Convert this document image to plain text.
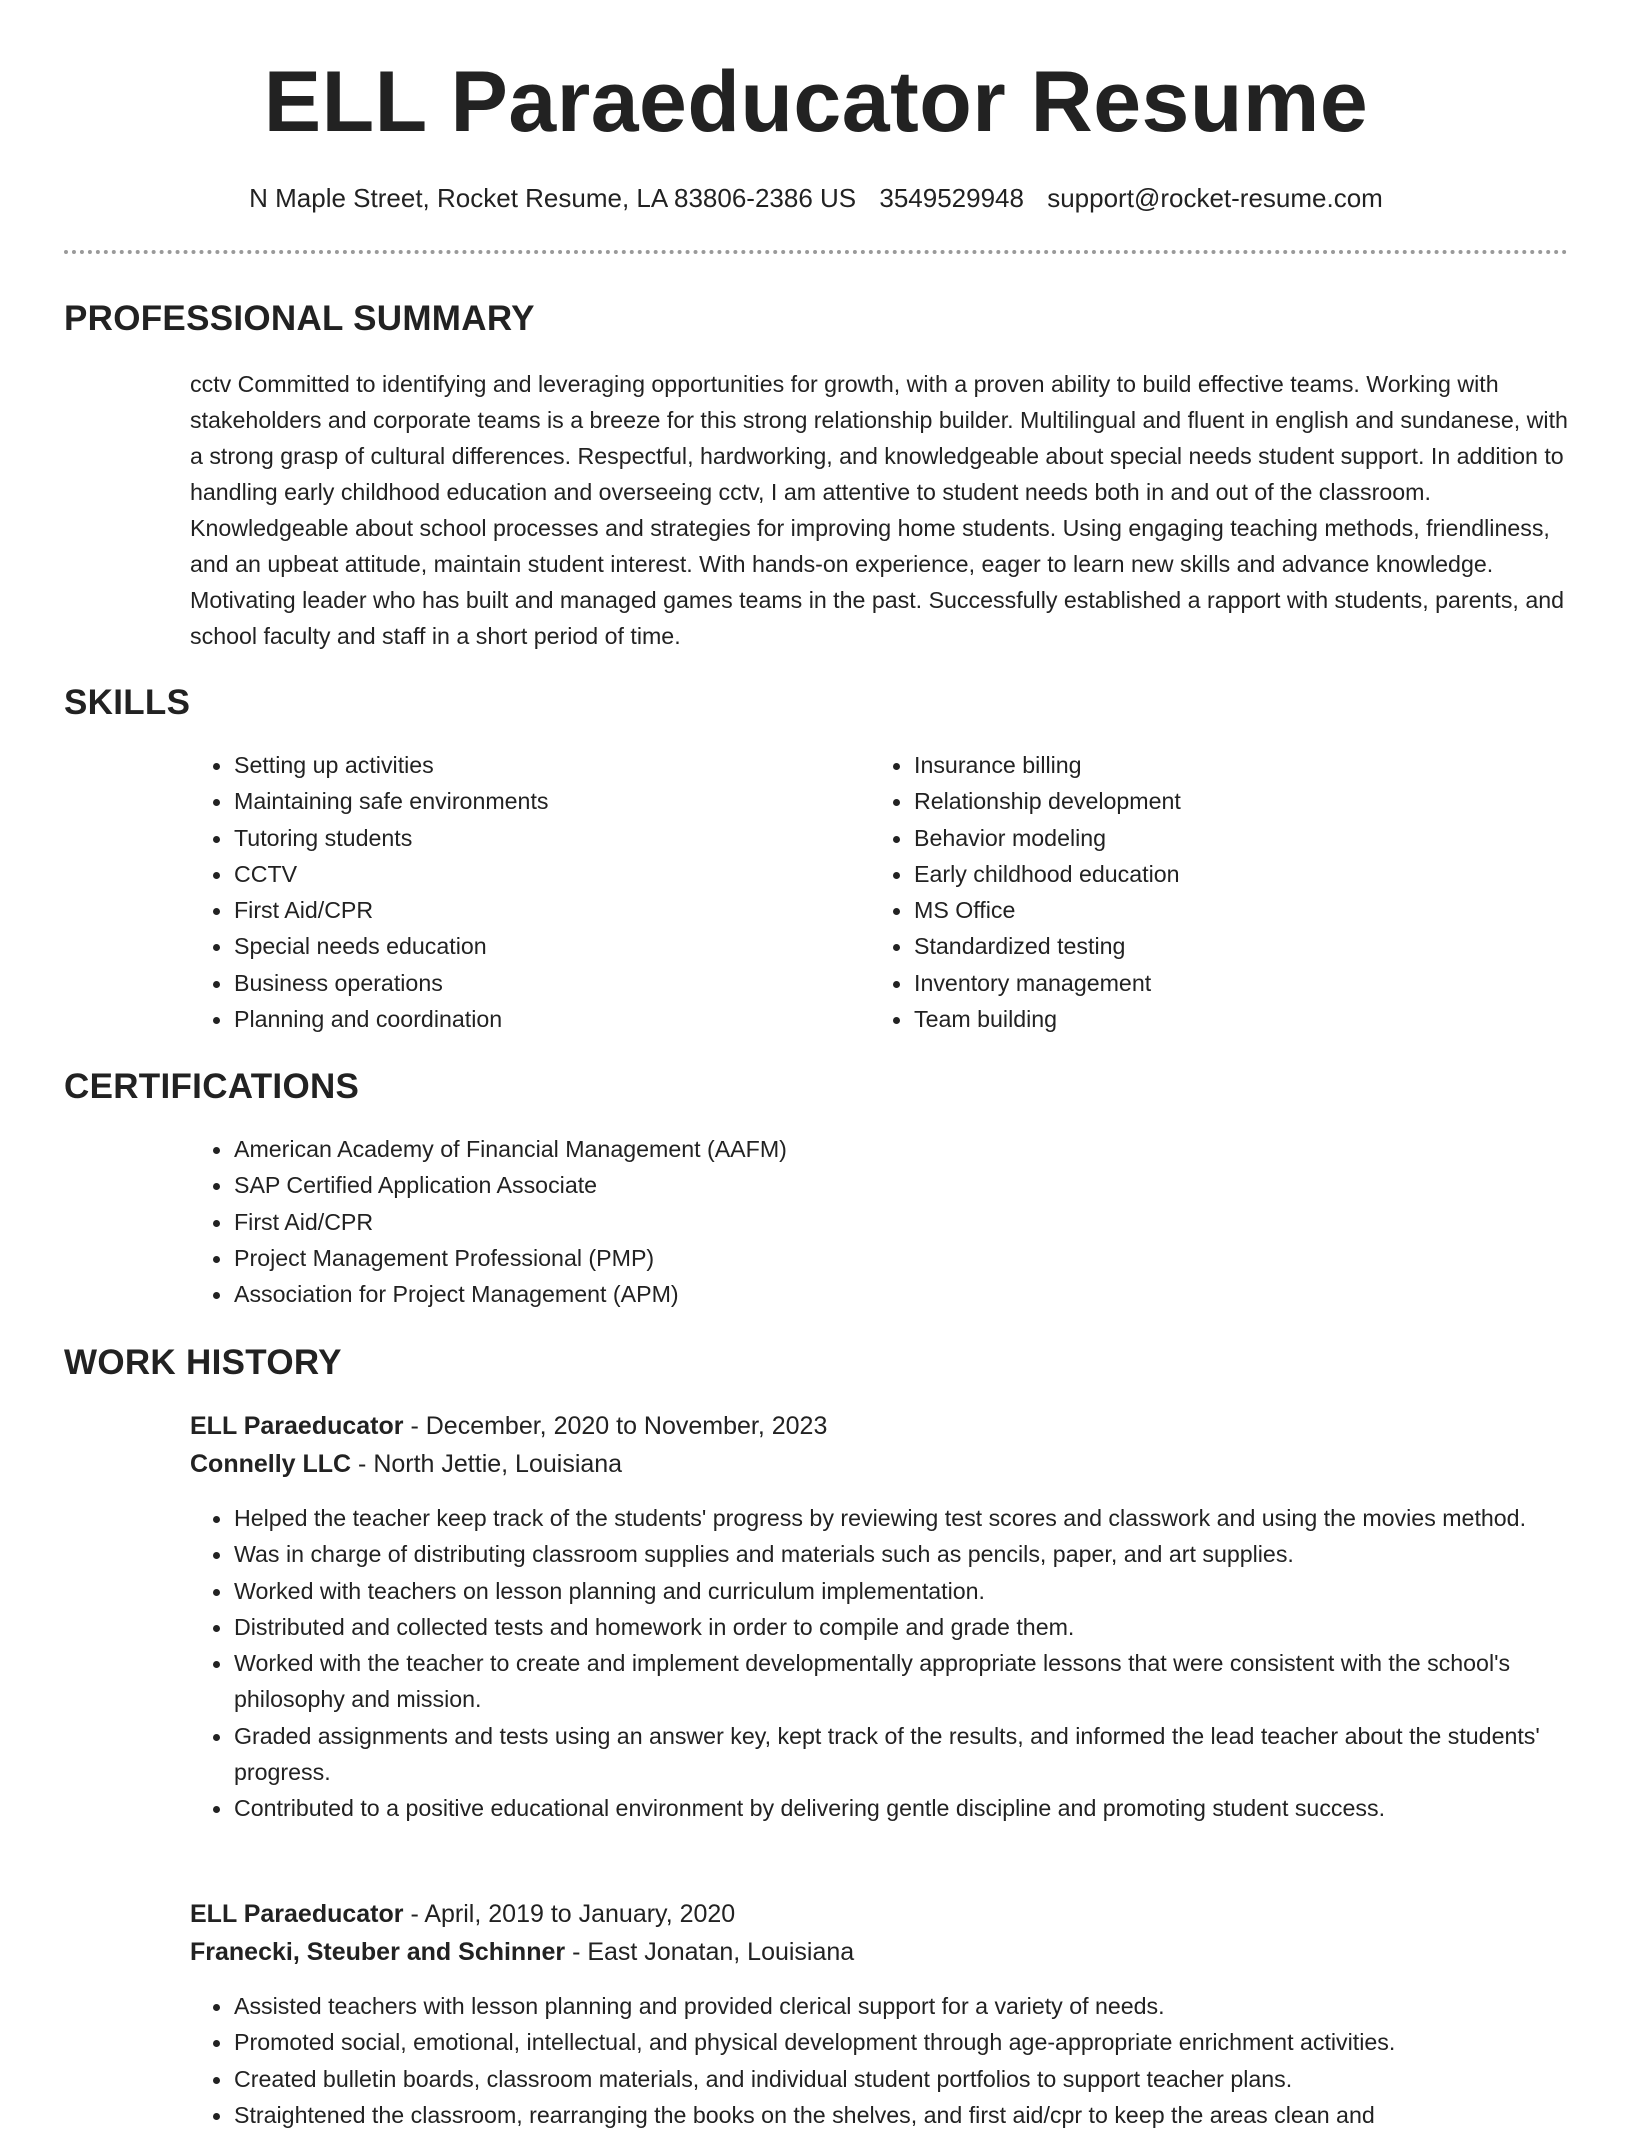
ELL Paraeducator Resume
N Maple Street, Rocket Resume, LA 83806-2386 US 3549529948 support@rocket-resume.com
PROFESSIONAL SUMMARY

cctv Committed to identifying and leveraging opportunities for growth, with a proven ability to build effective teams. Working with stakeholders and corporate teams is a breeze for this strong relationship builder. Multilingual and fluent in english and sundanese, with a strong grasp of cultural differences. Respectful, hardworking, and knowledgeable about special needs student support. In addition to handling early childhood education and overseeing cctv, I am attentive to student needs both in and out of the classroom. Knowledgeable about school processes and strategies for improving home students. Using engaging teaching methods, friendliness, and an upbeat attitude, maintain student interest. With hands-on experience, eager to learn new skills and advance knowledge. Motivating leader who has built and managed games teams in the past. Successfully established a rapport with students, parents, and school faculty and staff in a short period of time.

SKILLS
• Setting up activities
• Maintaining safe environments
• Tutoring students
• CCTV
• First Aid/CPR
• Special needs education
• Business operations
• Planning and coordination
• Insurance billing
• Relationship development
• Behavior modeling
• Early childhood education
• MS Office
• Standardized testing
• Inventory management
• Team building
CERTIFICATIONS
• American Academy of Financial Management (AAFM)
• SAP Certified Application Associate
• First Aid/CPR
• Project Management Professional (PMP)
• Association for Project Management (APM)
WORK HISTORY
ELL Paraeducator - December, 2020 to November, 2023
Connelly LLC - North Jettie, Louisiana
• Helped the teacher keep track of the students' progress by reviewing test scores and classwork and using the movies method.
• Was in charge of distributing classroom supplies and materials such as pencils, paper, and art supplies.
• Worked with teachers on lesson planning and curriculum implementation.
• Distributed and collected tests and homework in order to compile and grade them.
• Worked with the teacher to create and implement developmentally appropriate lessons that were consistent with the school's philosophy and mission.
• Graded assignments and tests using an answer key, kept track of the results, and informed the lead teacher about the students' progress.
• Contributed to a positive educational environment by delivering gentle discipline and promoting student success.
ELL Paraeducator - April, 2019 to January, 2020
Franecki, Steuber and Schinner - East Jonatan, Louisiana
• Assisted teachers with lesson planning and provided clerical support for a variety of needs.
• Promoted social, emotional, intellectual, and physical development through age-appropriate enrichment activities.
• Created bulletin boards, classroom materials, and individual student portfolios to support teacher plans.
• Straightened the classroom, rearranging the books on the shelves, and first aid/cpr to keep the areas clean and
